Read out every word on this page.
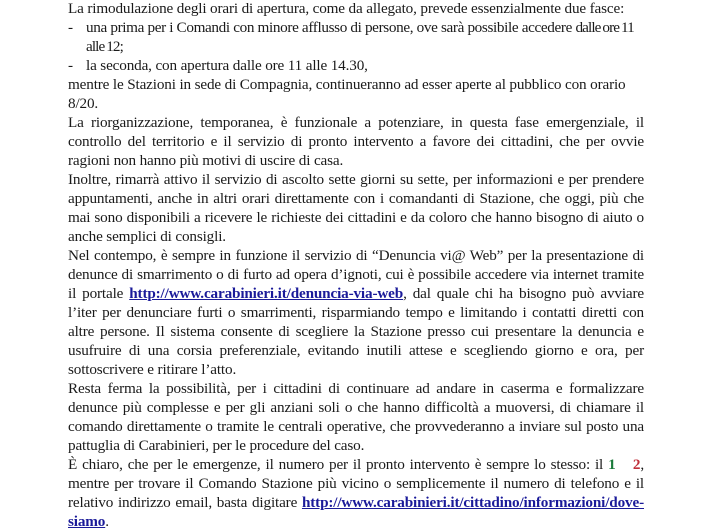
La rimodulazione degli orari di apertura, come da allegato, prevede essenzialmente due fasce:

- una prima per i Comandi con minore afflusso di persone, ove sarà possibile accedere dalle ore 11 alle 12;
- la seconda, con apertura dalle ore 11 alle 14.30,

mentre le Stazioni in sede di Compagnia, continueranno ad esser aperte al pubblico con orario 8/20.

La riorganizzazione, temporanea, è funzionale a potenziare, in questa fase emergenziale, il controllo del territorio e il servizio di pronto intervento a favore dei cittadini, che per ovvie ragioni non hanno più motivi di uscire di casa.

Inoltre, rimarrà attivo il servizio di ascolto sette giorni su sette, per informazioni e per prendere appuntamenti, anche in altri orari direttamente con i comandanti di Stazione, che oggi, più che mai sono disponibili a ricevere le richieste dei cittadini e da coloro che hanno bisogno di aiuto o anche semplici di consigli.

Nel contempo, è sempre in funzione il servizio di “Denuncia vi@ Web” per la presentazione di denunce di smarrimento o di furto ad opera d’ignoti, cui è possibile accedere via internet tramite il portale http://www.carabinieri.it/denuncia-via-web, dal quale chi ha bisogno può avviare l’iter per denunciare furti o smarrimenti, risparmiando tempo e limitando i contatti diretti con altre persone. Il sistema consente di scegliere la Stazione presso cui presentare la denuncia e usufruire di una corsia preferenziale, evitando inutili attese e scegliendo giorno e ora, per sottoscrivere e ritirare l’atto.

Resta ferma la possibilità, per i cittadini di continuare ad andare in caserma e formalizzare denunce più complesse e per gli anziani soli o che hanno difficoltà a muoversi, di chiamare il comando direttamente o tramite le centrali operative, che provvederanno a inviare sul posto una pattuglia di Carabinieri, per le procedure del caso.

È chiaro, che per le emergenze, il numero per il pronto intervento è sempre lo stesso: il 1 1 2, mentre per trovare il Comando Stazione più vicino o semplicemente il numero di telefono e il relativo indirizzo email, basta digitare http://www.carabinieri.it/cittadino/informazioni/dove-siamo.
